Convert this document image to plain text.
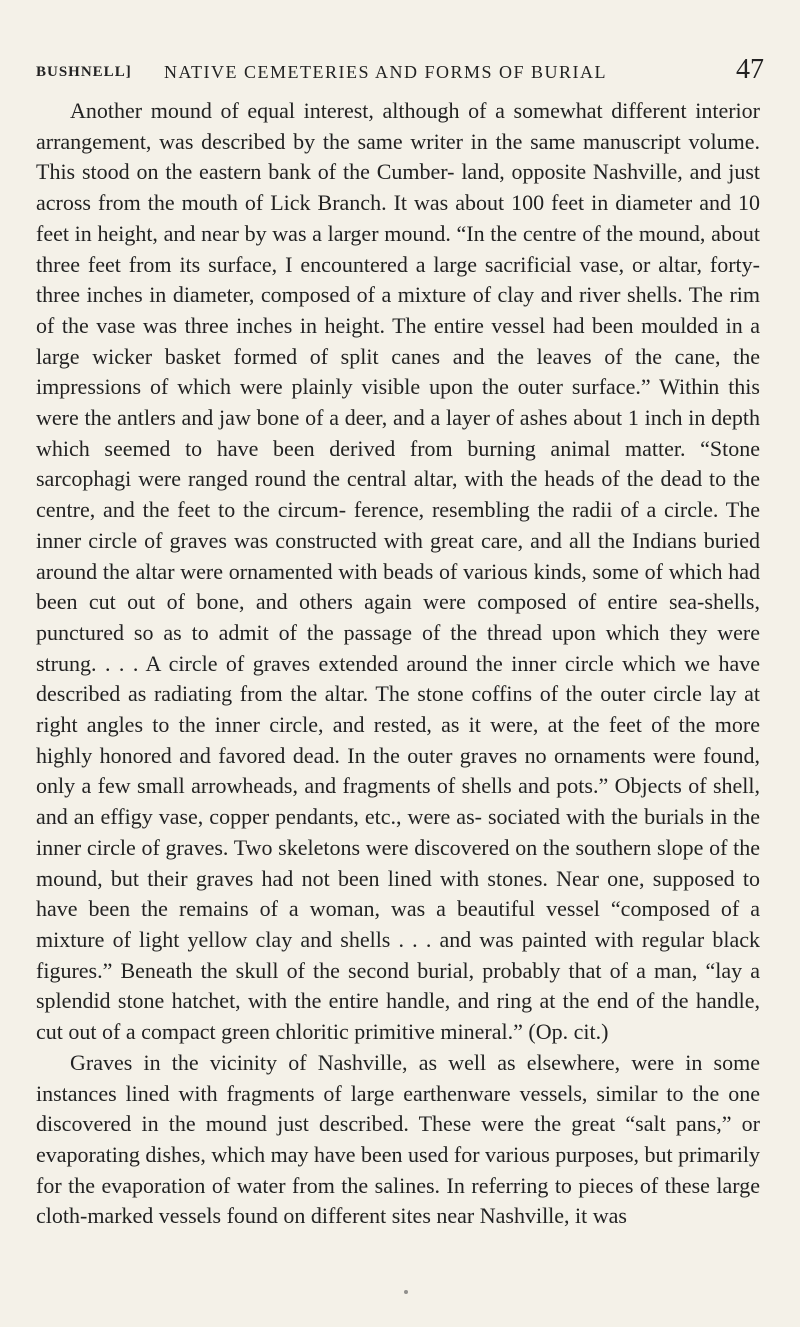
BUSHNELL] NATIVE CEMETERIES AND FORMS OF BURIAL	47

Another mound of equal interest, although of a somewhat different interior arrangement, was described by the same writer in the same manuscript volume. This stood on the eastern bank of the Cumber- land, opposite Nashville, and just across from the mouth of Lick Branch. It was about 100 feet in diameter and 10 feet in height, and near by was a larger mound. “In the centre of the mound, about three feet from its surface, I encountered a large sacrificial vase, or altar, forty-three inches in diameter, composed of a mixture of clay and river shells. The rim of the vase was three inches in height. The entire vessel had been moulded in a large wicker basket formed of split canes and the leaves of the cane, the impressions of which were plainly visible upon the outer surface.” Within this were the antlers and jaw bone of a deer, and a layer of ashes about 1 inch in depth which seemed to have been derived from burning animal matter. “Stone sarcophagi were ranged round the central altar, with the heads of the dead to the centre, and the feet to the circum- ference, resembling the radii of a circle. The inner circle of graves was constructed with great care, and all the Indians buried around the altar were ornamented with beads of various kinds, some of which had been cut out of bone, and others again were composed of entire sea-shells, punctured so as to admit of the passage of the thread upon which they were strung. . . . A circle of graves extended around the inner circle which we have described as radiating from the altar. The stone coffins of the outer circle lay at right angles to the inner circle, and rested, as it were, at the feet of the more highly honored and favored dead. In the outer graves no ornaments were found, only a few small arrowheads, and fragments of shells and pots.” Objects of shell, and an effigy vase, copper pendants, etc., were as- sociated with the burials in the inner circle of graves. Two skeletons were discovered on the southern slope of the mound, but their graves had not been lined with stones. Near one, supposed to have been the remains of a woman, was a beautiful vessel “composed of a mixture of light yellow clay and shells . . . and was painted with regular black figures.” Beneath the skull of the second burial, probably that of a man, “lay a splendid stone hatchet, with the entire handle, and ring at the end of the handle, cut out of a compact green chloritic primitive mineral.” (Op. cit.)

Graves in the vicinity of Nashville, as well as elsewhere, were in some instances lined with fragments of large earthenware vessels, similar to the one discovered in the mound just described. These were the great “salt pans,” or evaporating dishes, which may have been used for various purposes, but primarily for the evaporation of water from the salines. In referring to pieces of these large cloth-marked vessels found on different sites near Nashville, it was
